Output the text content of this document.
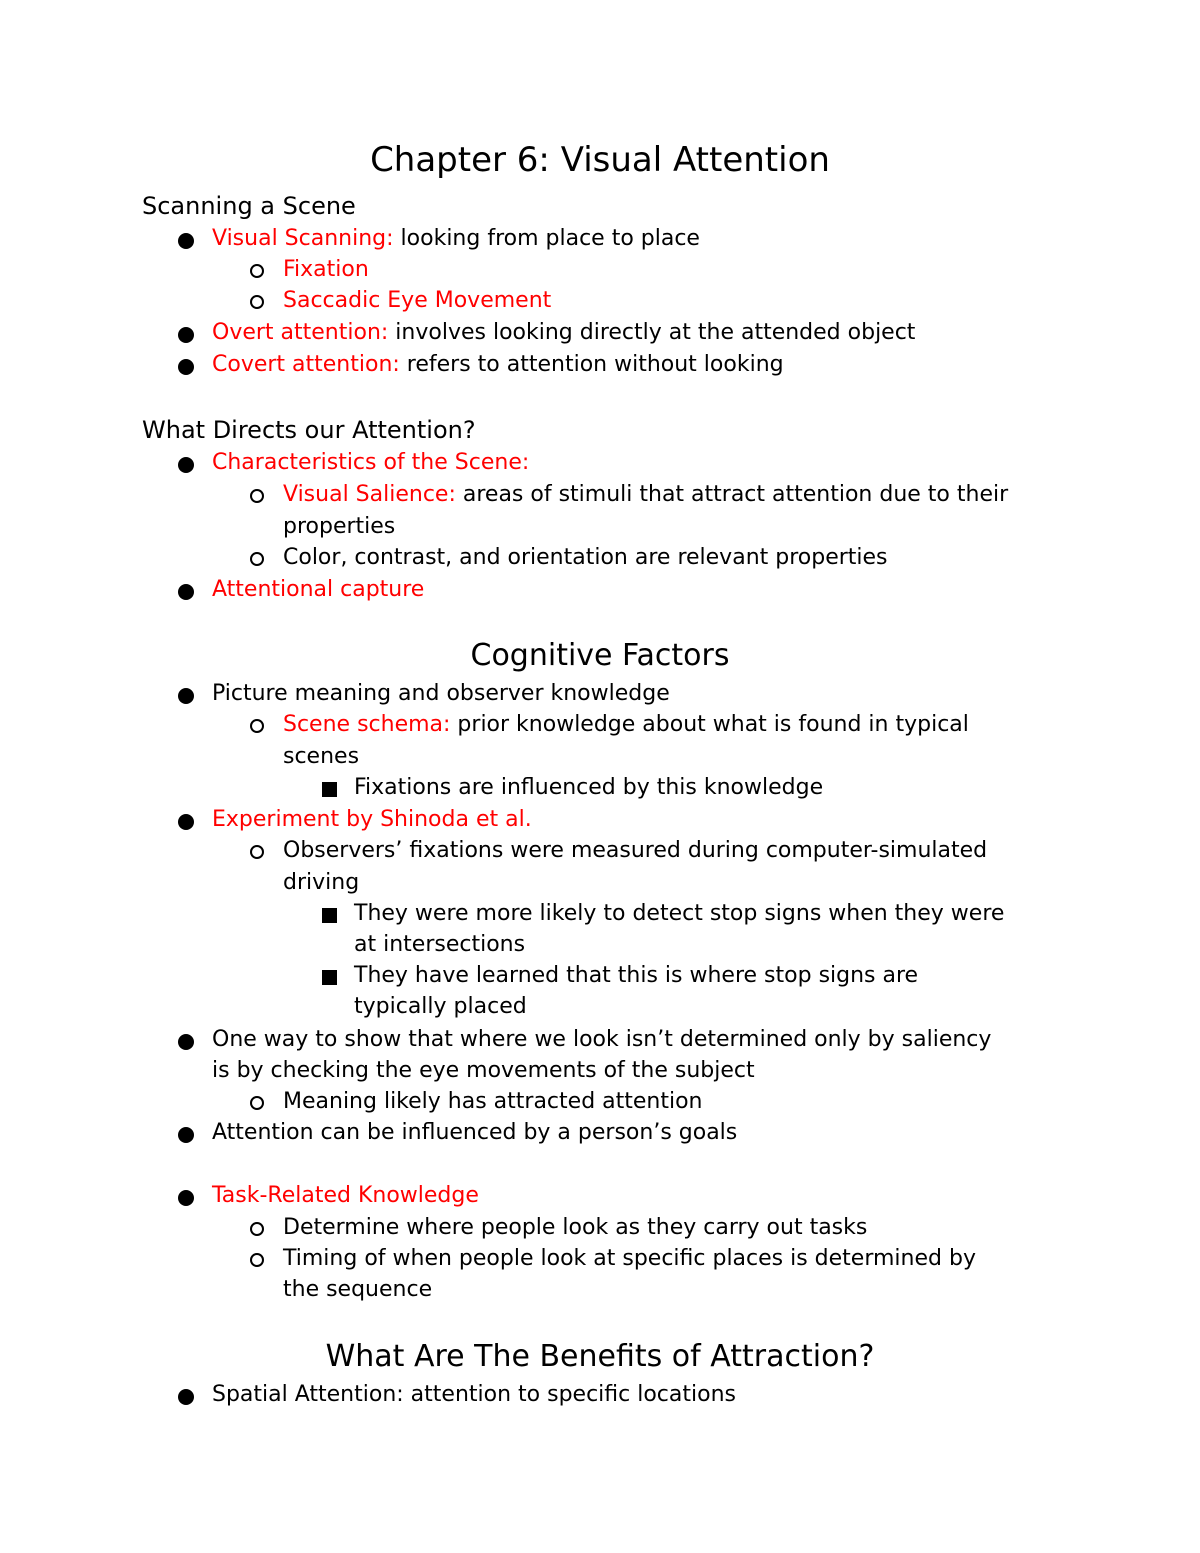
Chapter 6: Visual Attention
Scanning a Scene
Visual Scanning: looking from place to place
Fixation
Saccadic Eye Movement
Overt attention: involves looking directly at the attended object
Covert attention: refers to attention without looking
What Directs our Attention?
Characteristics of the Scene:
Visual Salience: areas of stimuli that attract attention due to their
properties
Color, contrast, and orientation are relevant properties
Attentional capture
Cognitive Factors
Picture meaning and observer knowledge
Scene schema: prior knowledge about what is found in typical
scenes
Fixations are influenced by this knowledge
Experiment by Shinoda et al.
Observers’ fixations were measured during computer-simulated
driving
They were more likely to detect stop signs when they were
at intersections
They have learned that this is where stop signs are
typically placed
One way to show that where we look isn’t determined only by saliency
is by checking the eye movements of the subject
Meaning likely has attracted attention
Attention can be influenced by a person’s goals
Task-Related Knowledge
Determine where people look as they carry out tasks
Timing of when people look at specific places is determined by
the sequence
What Are The Benefits of Attraction?
Spatial Attention: attention to specific locations
